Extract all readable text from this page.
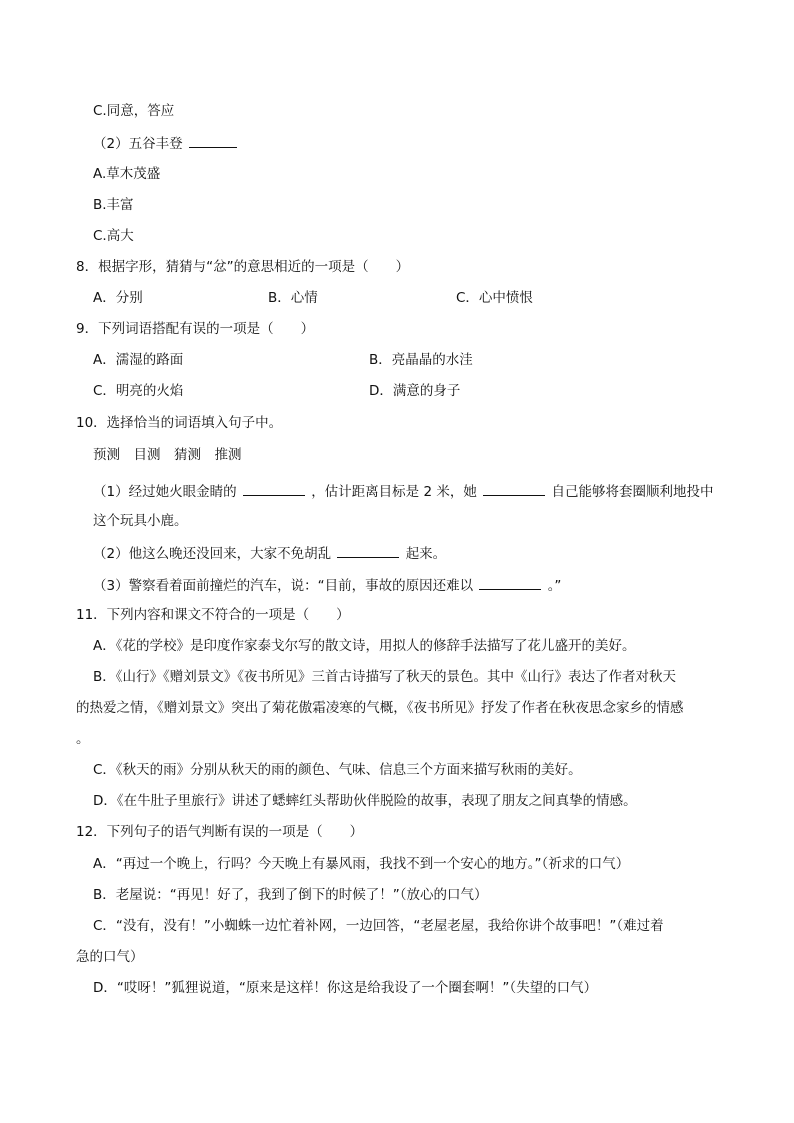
C.同意，答应
（2）五谷丰登
A.草木茂盛
B.丰富
C.高大
8．根据字形，猜猜与“忿”的意思相近的一项是（　　）
A．分别	B．心情	C．心中愤恨
9．下列词语搭配有误的一项是（　　）
A．濡湿的路面	B．亮晶晶的水洼
C．明亮的火焰	D．满意的身子
10．选择恰当的词语填入句子中。
预测　目测　猜测　推测
（1）经过她火眼金睛的	，估计距离目标是 2 米，她	自己能够将套圈顺利地投中
这个玩具小鹿。
（2）他这么晚还没回来，大家不免胡乱	起来。
（3）警察看着面前撞烂的汽车，说：“目前，事故的原因还难以	。”
11．下列内容和课文不符合的一项是（　　）
A．《花的学校》是印度作家泰戈尔写的散文诗，用拟人的修辞手法描写了花儿盛开的美好。
B．《山行》《赠刘景文》《夜书所见》三首古诗描写了秋天的景色。其中《山行》表达了作者对秋天
的热爱之情，《赠刘景文》突出了菊花傲霜凌寒的气概，《夜书所见》抒发了作者在秋夜思念家乡的情感
。
C．《秋天的雨》分别从秋天的雨的颜色、气味、信息三个方面来描写秋雨的美好。
D．《在牛肚子里旅行》讲述了蟋蟀红头帮助伙伴脱险的故事，表现了朋友之间真挚的情感。
12．下列句子的语气判断有误的一项是（　　）
A．“再过一个晚上，行吗？今天晚上有暴风雨，我找不到一个安心的地方。”（祈求的口气）
B．老屋说：“再见！好了，我到了倒下的时候了！”（放心的口气）
C．“没有，没有！”小蜘蛛一边忙着补网，一边回答，“老屋老屋，我给你讲个故事吧！”（难过着
急的口气）
D．“哎呀！”狐狸说道，“原来是这样！你这是给我设了一个圈套啊！”（失望的口气）
